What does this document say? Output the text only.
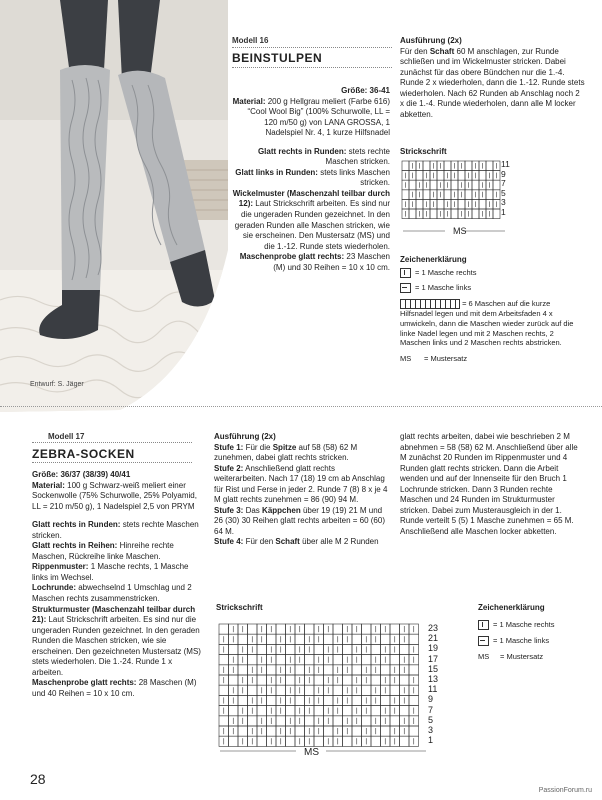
Entwurf: S. Jäger
Modell 16
BEINSTULPEN

Größe: 36-41

Material: 200 g Hellgrau meliert (Farbe 616) “Cool Wool Big” (100% Schurwolle, LL = 120 m/50 g) von LANA GROSSA, 1 Nadelspiel Nr. 4, 1 kurze Hilfsnadel

Glatt rechts in Runden: stets rechte Maschen stricken.

Glatt links in Runden: stets links Maschen stricken.

Wickelmuster (Maschenzahl teilbar durch 12): Laut Strickschrift arbeiten. Es sind nur die ungeraden Runden gezeichnet. In den geraden Runden alle Maschen stricken, wie sie erscheinen. Den Mustersatz (MS) und die 1.-12. Runde stets wiederholen.

Maschenprobe glatt rechts: 23 Maschen (M) und 30 Reihen = 10 x 10 cm.

Ausführung (2x)

Für den Schaft 60 M anschlagen, zur Runde schließen und im Wickelmuster stricken. Dabei zunächst für das obere Bündchen nur die 1.-4. Runde 2 x wiederholen, dann die 1.-12. Runde stets wiederholen. Nach 62 Runden ab Anschlag noch 2 x die 1.-4. Runde wiederholen, dann alle M locker abketten.

Strickschrift
MS
11
9
7
5
3
1
Zeichenerklärung
= 1 Masche rechts
= 1 Masche links
= 6 Maschen auf die kurze Hilfsnadel legen und mit dem Arbeitsfaden 4 x umwickeln, dann die Maschen wieder zurück auf die linke Nadel legen und mit 2 Maschen rechts, 2 Maschen links und 2 Maschen rechts abstricken.
MS	= Mustersatz
Modell 17
ZEBRA-SOCKEN

Größe: 36/37 (38/39) 40/41

Material: 100 g Schwarz-weiß meliert einer Sockenwolle (75% Schurwolle, 25% Polyamid, LL = 210 m/50 g), 1 Nadelspiel 2,5 von PRYM

Glatt rechts in Runden: stets rechte Maschen stricken.

Glatt rechts in Reihen: Hinreihe rechte Maschen, Rückreihe linke Maschen.

Rippenmuster: 1 Masche rechts, 1 Masche links im Wechsel.

Lochrunde: abwechselnd 1 Umschlag und 2 Maschen rechts zusammenstricken.

Strukturmuster (Maschenzahl teilbar durch 21): Laut Strickschrift arbeiten. Es sind nur die ungeraden Runden gezeichnet. In den geraden Runden die Maschen stricken, wie sie erscheinen. Den gezeichneten Mustersatz (MS) stets wiederholen. Die 1.-24. Runde 1 x arbeiten.

Maschenprobe glatt rechts: 28 Maschen (M) und 40 Reihen = 10 x 10 cm.

Ausführung (2x)

Stufe 1: Für die Spitze auf 58 (58) 62 M zunehmen, dabei glatt rechts stricken.

Stufe 2: Anschließend glatt rechts weiterarbeiten. Nach 17 (18) 19 cm ab Anschlag für Rist und Ferse in jeder 2. Runde 7 (8) 8 x je 4 M glatt rechts zunehmen = 86 (90) 94 M.

Stufe 3: Das Käppchen über 19 (19) 21 M und 26 (30) 30 Reihen glatt rechts arbeiten = 60 (60) 64 M.

Stufe 4: Für den Schaft über alle M 2 Runden

glatt rechts arbeiten, dabei wie beschrieben 2 M abnehmen = 58 (58) 62 M. Anschließend über alle M zunächst 20 Runden im Rippenmuster und 4 Runden glatt rechts stricken. Dann die Arbeit wenden und auf der Innenseite für den Bruch 1 Lochrunde stricken. Dann 3 Runden rechte Maschen und 24 Runden im Strukturmuster stricken. Dabei zum Musterausgleich in der 1. Runde verteilt 5 (5) 1 Masche zunehmen = 65 M. Anschließend alle Maschen locker abketten.

Strickschrift
MS
23
21
19
17
15
13
11
9
7
5
3
1
Zeichenerklärung
= 1 Masche rechts
= 1 Masche links
MS	= Mustersatz
28
PassionForum.ru
